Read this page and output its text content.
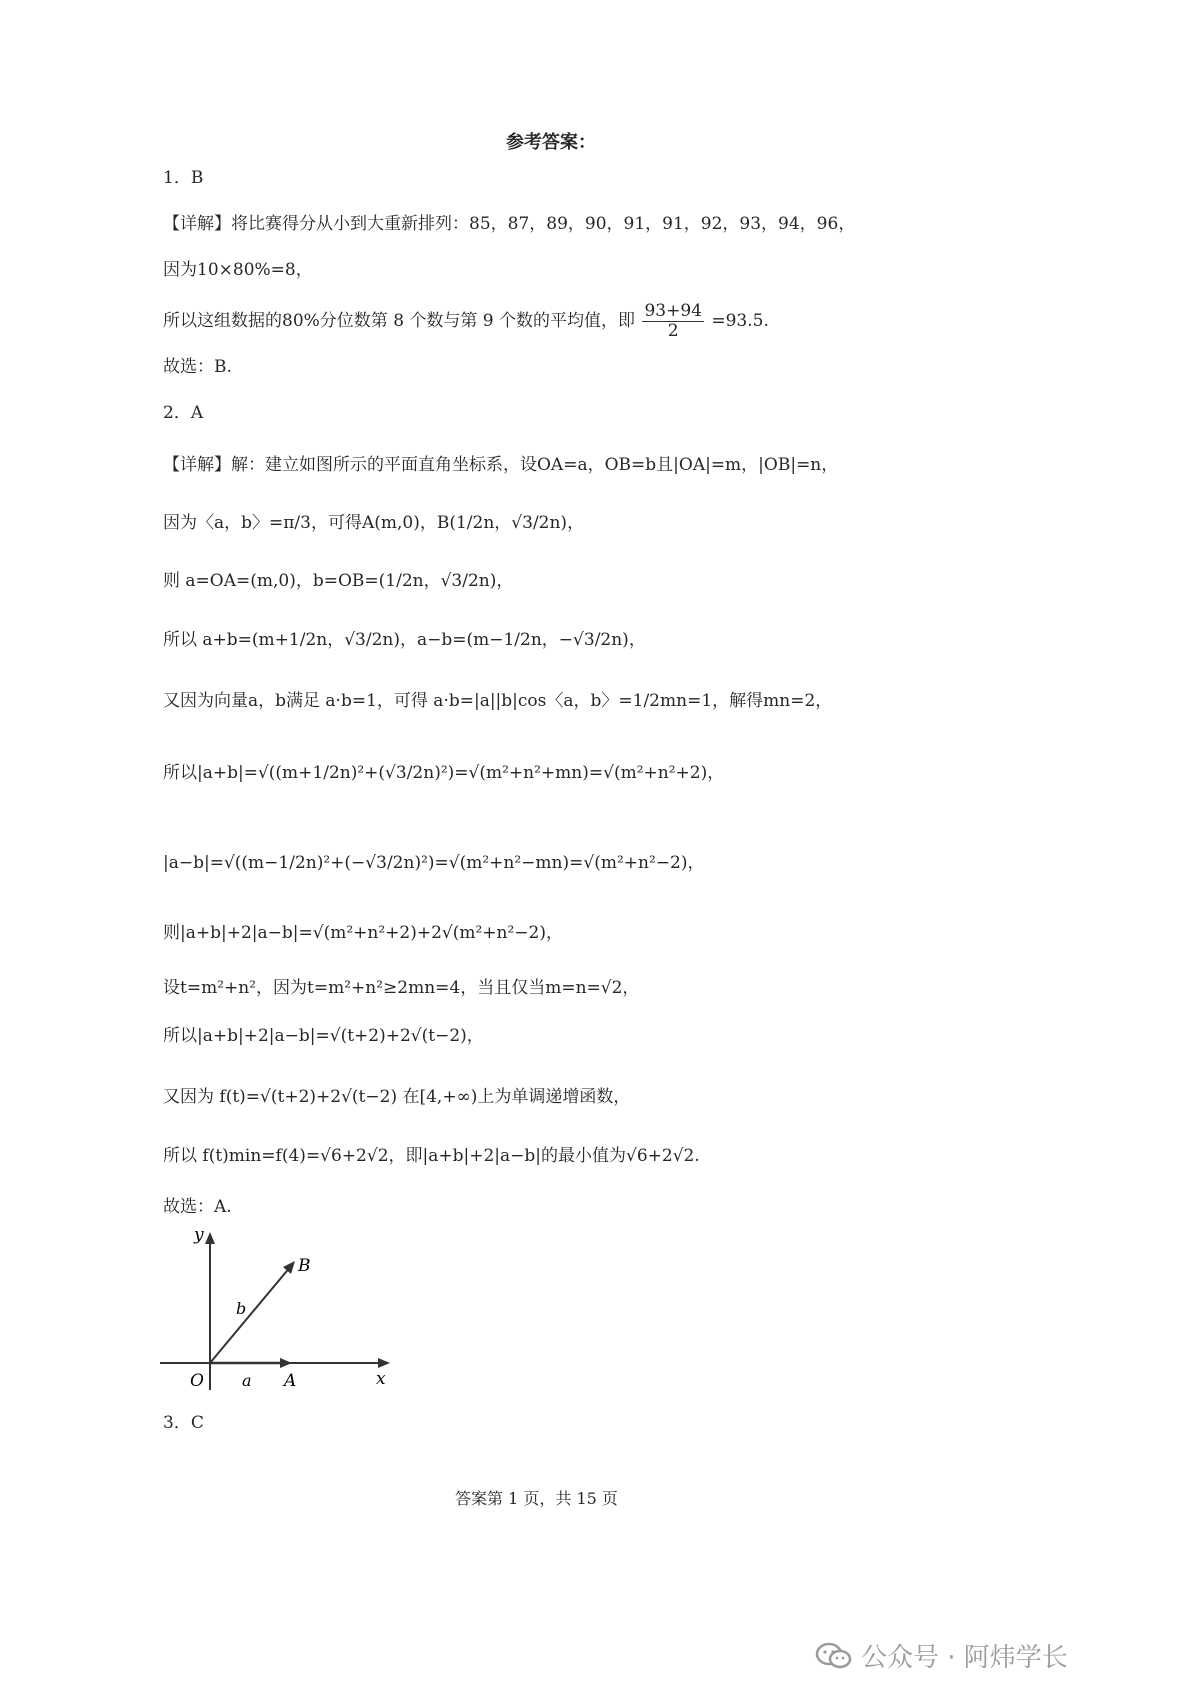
参考答案：
1．B
【详解】将比赛得分从小到大重新排列：85，87，89，90，91，91，92，93，94，96，
因为10×80%=8，
所以这组数据的80%分位数第 8 个数与第 9 个数的平均值，即 $\frac{93+94}{2} =93.5$.
故选：B.
2．A
【详解】解：建立如图所示的平面直角坐标系，设OA=a，OB=b且|OA|=m，|OB|=n，
因为〈a，b〉=π/3，可得A(m,0)，B(1/2n，√3/2n)，
则 a=OA=(m,0)，b=OB=(1/2n，√3/2n)，
所以 a+b=(m+1/2n，√3/2n)，a−b=(m−1/2n，−√3/2n)，
又因为向量a，b满足 a·b=1，可得 a·b=|a||b|cos〈a，b〉=1/2mn=1，解得mn=2，
所以|a+b|=√((m+1/2n)²+(√3/2n)²)=√(m²+n²+mn)=√(m²+n²+2)，
|a−b|=√((m−1/2n)²+(−√3/2n)²)=√(m²+n²−mn)=√(m²+n²−2)，
则|a+b|+2|a−b|=√(m²+n²+2)+2√(m²+n²−2)，
设t=m²+n²，因为t=m²+n²≥2mn=4，当且仅当m=n=√2，
所以|a+b|+2|a−b|=√(t+2)+2√(t−2)，
又因为 f(t)=√(t+2)+2√(t−2) 在[4,+∞)上为单调递增函数，
所以 f(t)min=f(4)=√6+2√2，即|a+b|+2|a−b|的最小值为√6+2√2.
故选：A.
O	A
B
x
y
a
b
3．C
答案第 1 页，共 15 页
公众号 · 阿炜学长
